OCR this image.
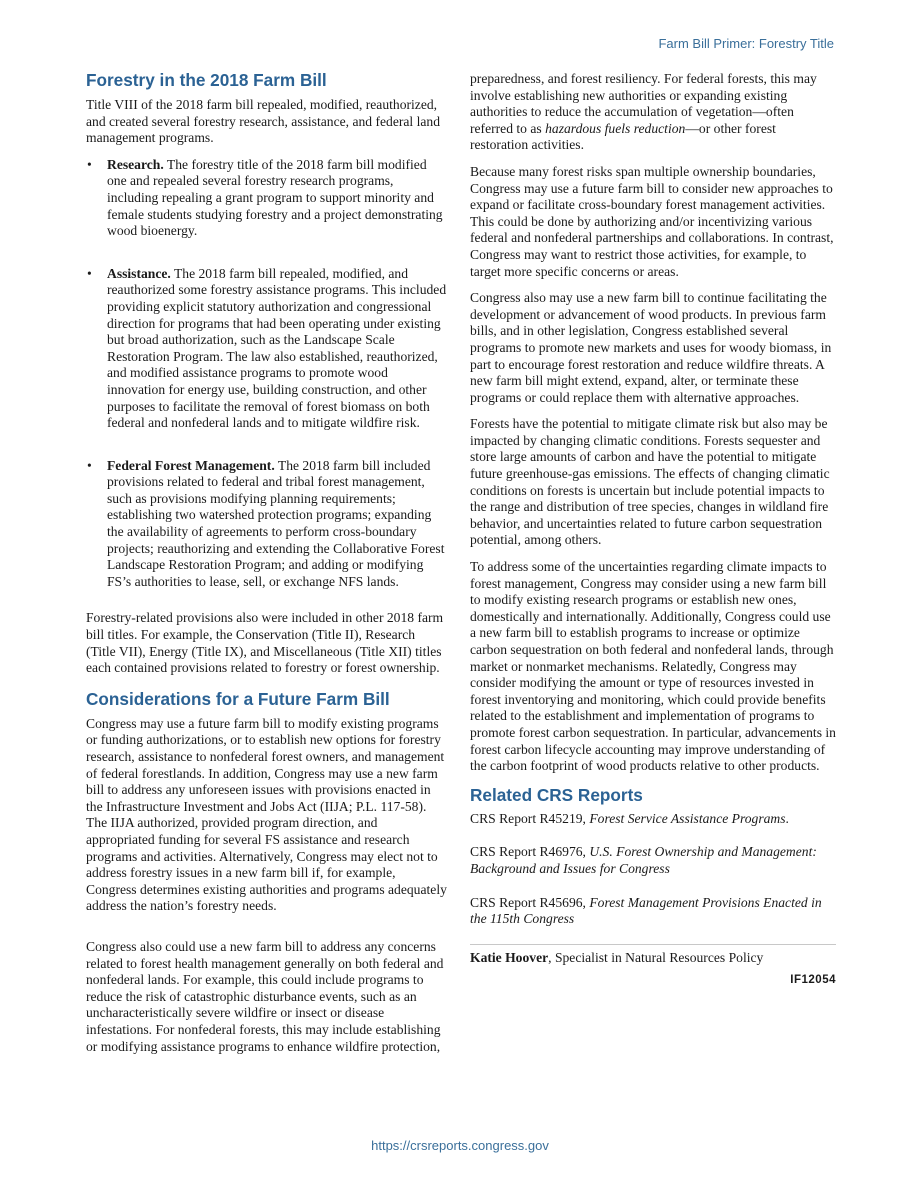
Farm Bill Primer: Forestry Title
Forestry in the 2018 Farm Bill

Title VIII of the 2018 farm bill repealed, modified, reauthorized, and created several forestry research, assistance, and federal land management programs.

• Research. The forestry title of the 2018 farm bill modified one and repealed several forestry research programs, including repealing a grant program to support minority and female students studying forestry and a project demonstrating wood bioenergy.
• Assistance. The 2018 farm bill repealed, modified, and reauthorized some forestry assistance programs. This included providing explicit statutory authorization and congressional direction for programs that had been operating under existing but broad authorization, such as the Landscape Scale Restoration Program. The law also established, reauthorized, and modified assistance programs to promote wood innovation for energy use, building construction, and other purposes to facilitate the removal of forest biomass on both federal and nonfederal lands and to mitigate wildfire risk.
• Federal Forest Management. The 2018 farm bill included provisions related to federal and tribal forest management, such as provisions modifying planning requirements; establishing two watershed protection programs; expanding the availability of agreements to perform cross-boundary projects; reauthorizing and extending the Collaborative Forest Landscape Restoration Program; and adding or modifying FS’s authorities to lease, sell, or exchange NFS lands.

Forestry-related provisions also were included in other 2018 farm bill titles. For example, the Conservation (Title II), Research (Title VII), Energy (Title IX), and Miscellaneous (Title XII) titles each contained provisions related to forestry or forest ownership.

Considerations for a Future Farm Bill

Congress may use a future farm bill to modify existing programs or funding authorizations, or to establish new options for forestry research, assistance to nonfederal forest owners, and management of federal forestlands. In addition, Congress may use a new farm bill to address any unforeseen issues with provisions enacted in the Infrastructure Investment and Jobs Act (IIJA; P.L. 117-58). The IIJA authorized, provided program direction, and appropriated funding for several FS assistance and research programs and activities. Alternatively, Congress may elect not to address forestry issues in a new farm bill if, for example, Congress determines existing authorities and programs adequately address the nation’s forestry needs.

Congress also could use a new farm bill to address any concerns related to forest health management generally on both federal and nonfederal lands. For example, this could include programs to reduce the risk of catastrophic disturbance events, such as an uncharacteristically severe wildfire or insect or disease infestations. For nonfederal forests, this may include establishing or modifying assistance programs to enhance wildfire protection,

preparedness, and forest resiliency. For federal forests, this may involve establishing new authorities or expanding existing authorities to reduce the accumulation of vegetation—often referred to as hazardous fuels reduction—or other forest restoration activities.

Because many forest risks span multiple ownership boundaries, Congress may use a future farm bill to consider new approaches to expand or facilitate cross-boundary forest management activities. This could be done by authorizing and/or incentivizing various federal and nonfederal partnerships and collaborations. In contrast, Congress may want to restrict those activities, for example, to target more specific concerns or areas.

Congress also may use a new farm bill to continue facilitating the development or advancement of wood products. In previous farm bills, and in other legislation, Congress established several programs to promote new markets and uses for woody biomass, in part to encourage forest restoration and reduce wildfire threats. A new farm bill might extend, expand, alter, or terminate these programs or could replace them with alternative approaches.

Forests have the potential to mitigate climate risk but also may be impacted by changing climatic conditions. Forests sequester and store large amounts of carbon and have the potential to mitigate future greenhouse-gas emissions. The effects of changing climatic conditions on forests is uncertain but include potential impacts to the range and distribution of tree species, changes in wildland fire behavior, and uncertainties related to future carbon sequestration potential, among others.

To address some of the uncertainties regarding climate impacts to forest management, Congress may consider using a new farm bill to modify existing research programs or establish new ones, domestically and internationally. Additionally, Congress could use a new farm bill to establish programs to increase or optimize carbon sequestration on both federal and nonfederal lands, through market or nonmarket mechanisms. Relatedly, Congress may consider modifying the amount or type of resources invested in forest inventorying and monitoring, which could provide benefits related to the establishment and implementation of programs to promote forest carbon sequestration. In particular, advancements in forest carbon lifecycle accounting may improve understanding of the carbon footprint of wood products relative to other products.

Related CRS Reports

CRS Report R45219, Forest Service Assistance Programs.

CRS Report R46976, U.S. Forest Ownership and Management: Background and Issues for Congress

CRS Report R45696, Forest Management Provisions Enacted in the 115th Congress

Katie Hoover, Specialist in Natural Resources Policy

IF12054
https://crsreports.congress.gov
